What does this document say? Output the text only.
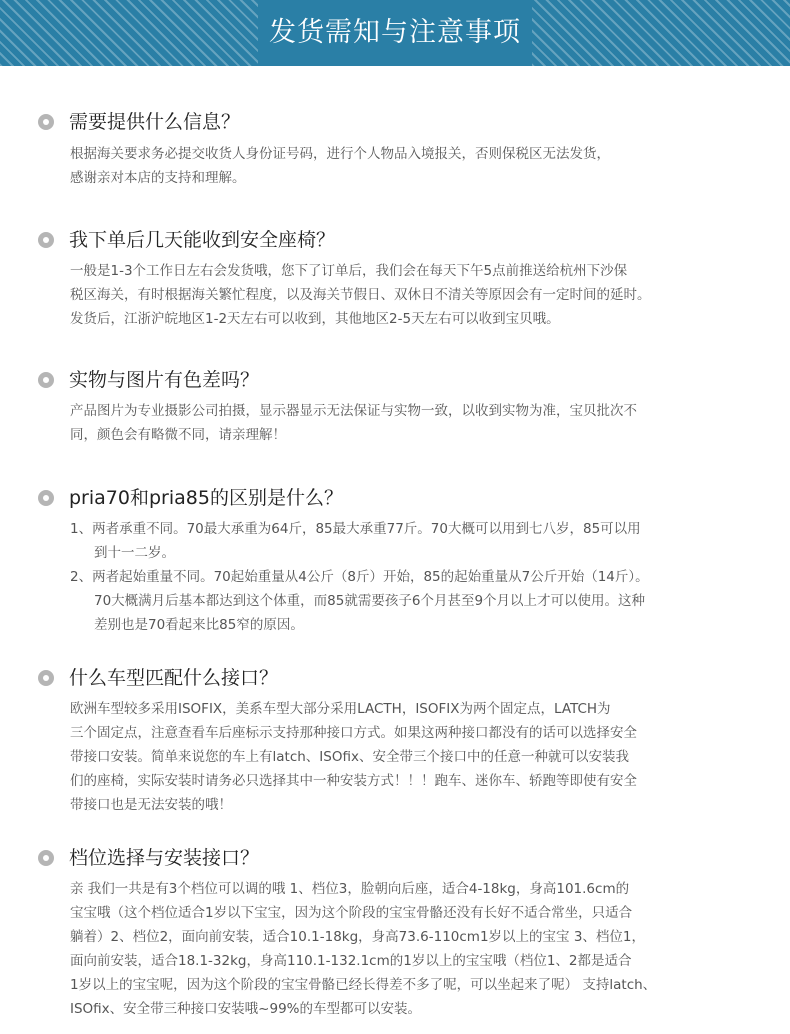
发货需知与注意事项
需要提供什么信息？
根据海关要求务必提交收货人身份证号码，进行个人物品入境报关，否则保税区无法发货，
感谢亲对本店的支持和理解。
我下单后几天能收到安全座椅？
一般是1-3个工作日左右会发货哦，您下了订单后，我们会在每天下午5点前推送给杭州下沙保
税区海关，有时根据海关繁忙程度，以及海关节假日、双休日不清关等原因会有一定时间的延时。
发货后，江浙沪皖地区1-2天左右可以收到，其他地区2-5天左右可以收到宝贝哦。
实物与图片有色差吗？
产品图片为专业摄影公司拍摄，显示器显示无法保证与实物一致，以收到实物为准，宝贝批次不
同，颜色会有略微不同，请亲理解！
pria70和pria85的区别是什么？
1、两者承重不同。70最大承重为64斤，85最大承重77斤。70大概可以用到七八岁，85可以用
到十一二岁。
2、两者起始重量不同。70起始重量从4公斤（8斤）开始，85的起始重量从7公斤开始（14斤）。
70大概满月后基本都达到这个体重，而85就需要孩子6个月甚至9个月以上才可以使用。这种
差别也是70看起来比85窄的原因。
什么车型匹配什么接口？
欧洲车型较多采用ISOFIX，美系车型大部分采用LACTH，ISOFIX为两个固定点，LATCH为
三个固定点，注意查看车后座标示支持那种接口方式。如果这两种接口都没有的话可以选择安全
带接口安装。简单来说您的车上有latch、ISOfix、安全带三个接口中的任意一种就可以安装我
们的座椅，实际安装时请务必只选择其中一种安装方式！！！跑车、迷你车、轿跑等即使有安全
带接口也是无法安装的哦！
档位选择与安装接口？
亲 我们一共是有3个档位可以调的哦 1、档位3，脸朝向后座，适合4-18kg，身高101.6cm的
宝宝哦（这个档位适合1岁以下宝宝，因为这个阶段的宝宝骨骼还没有长好不适合常坐，只适合
躺着）2、档位2，面向前安装，适合10.1-18kg，身高73.6-110cm1岁以上的宝宝 3、档位1，
面向前安装，适合18.1-32kg，身高110.1-132.1cm的1岁以上的宝宝哦（档位1、2都是适合
1岁以上的宝宝呢，因为这个阶段的宝宝骨骼已经长得差不多了呢，可以坐起来了呢） 支持latch、
ISOfix、安全带三种接口安装哦~99%的车型都可以安装。
